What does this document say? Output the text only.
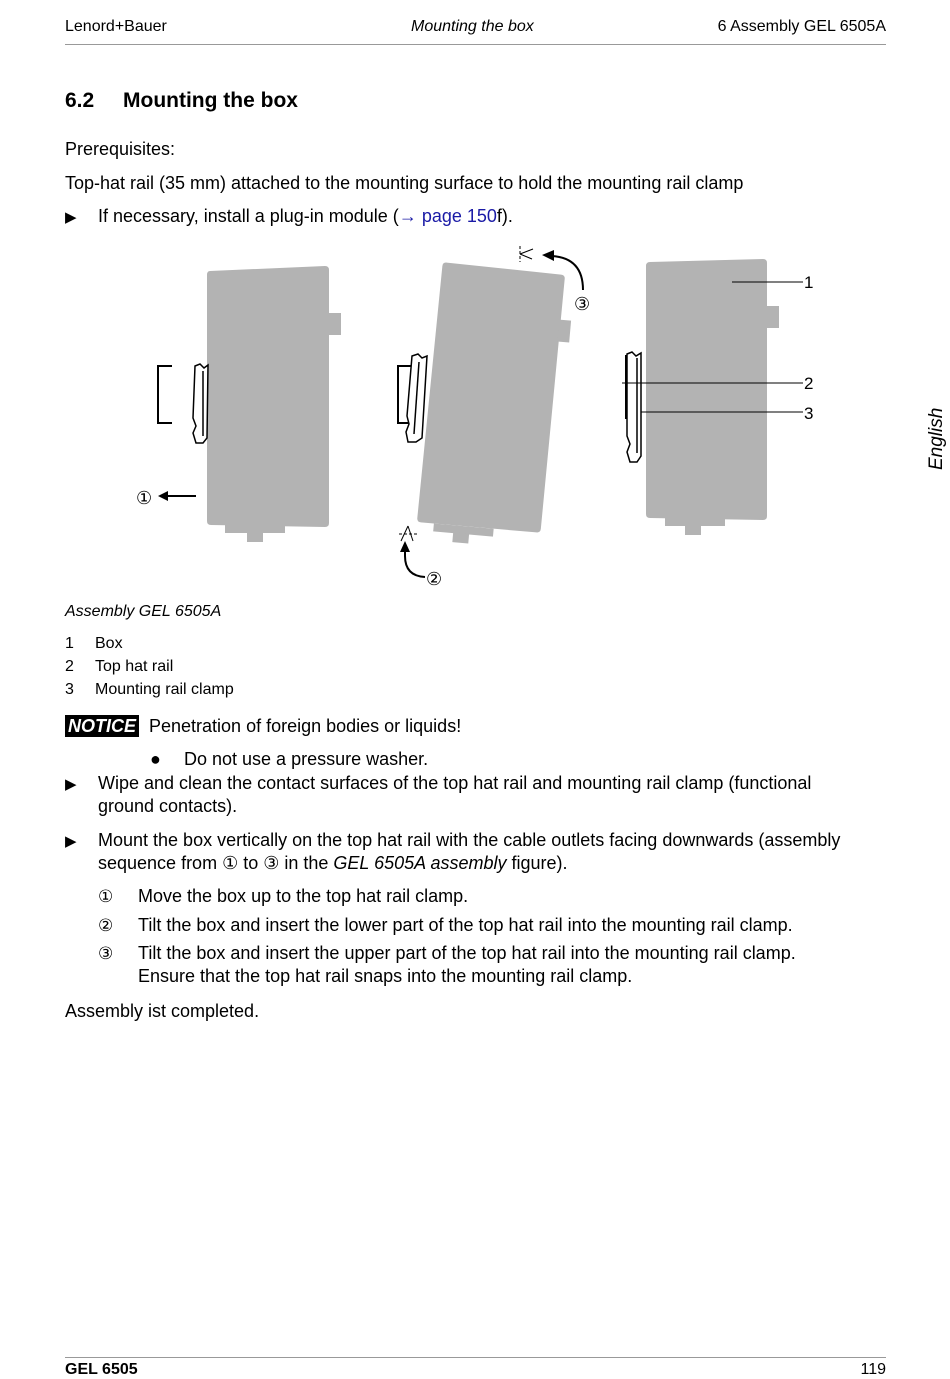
Lenord+Bauer	Mounting the box	6 Assembly GEL 6505A
English
6.2 Mounting the box
Prerequisites:
Top-hat rail (35 mm) attached to the mounting surface to hold the mounting rail clamp
▶ If necessary, install a plug-in module (→ page 150f).
1
2
3
①
②
③
Assembly GEL 6505A
1 Box
2 Top hat rail
3 Mounting rail clamp
NOTICE Penetration of foreign bodies or liquids!
● Do not use a pressure washer.
▶ Wipe and clean the contact surfaces of the top hat rail and mounting rail clamp (functional
ground contacts).
▶ Mount the box vertically on the top hat rail with the cable outlets facing downwards (assembly
sequence from ① to ③ in the GEL 6505A assembly figure).
① Move the box up to the top hat rail clamp.
② Tilt the box and insert the lower part of the top hat rail into the mounting rail clamp.
③ Tilt the box and insert the upper part of the top hat rail into the mounting rail clamp.
Ensure that the top hat rail snaps into the mounting rail clamp.
Assembly ist completed.
GEL 6505	119
